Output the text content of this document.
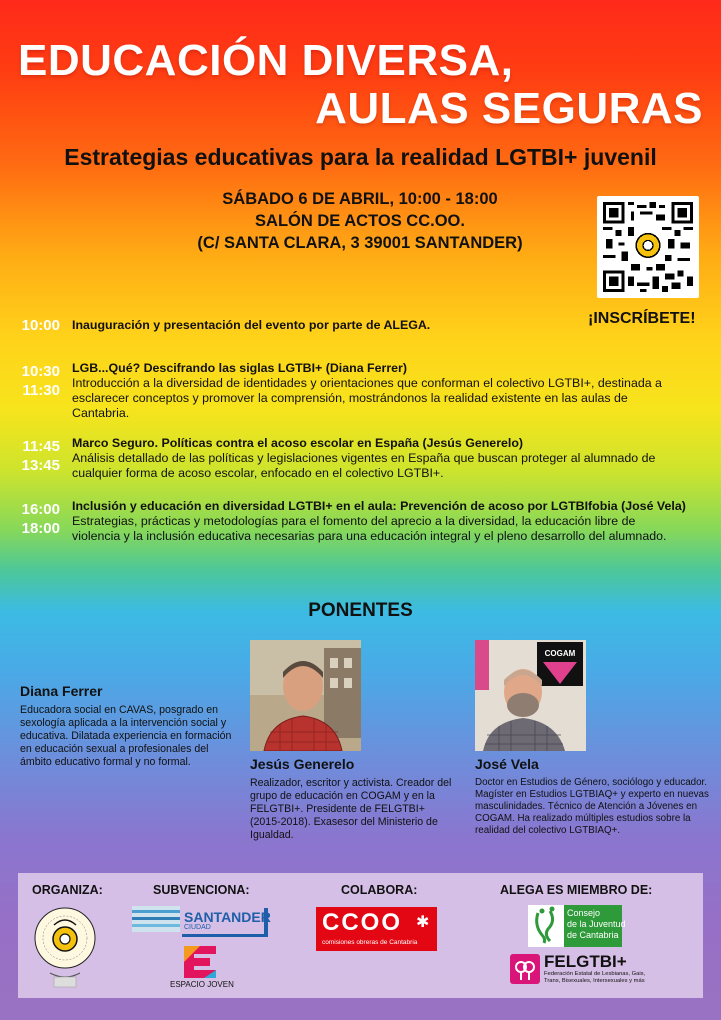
EDUCACIÓN DIVERSA,
AULAS SEGURAS
Estrategias educativas para la realidad LGTBI+ juvenil
SÁBADO 6 DE ABRIL, 10:00 - 18:00
SALÓN DE ACTOS CC.OO.
(C/ SANTA CLARA, 3 39001 SANTANDER)
¡INSCRÍBETE!
10:00 Inauguración y presentación del evento por parte de ALEGA.
10:30
11:30
LGB...Qué? Descifrando las siglas LGTBI+ (Diana Ferrer)
Introducción a la diversidad de identidades y orientaciones que conforman el colectivo LGTBI+, destinada a esclarecer conceptos y promover la comprensión, mostrándonos la realidad existente en las aulas de Cantabria.
11:45
13:45
Marco Seguro. Políticas contra el acoso escolar en España (Jesús Generelo)
Análisis detallado de las políticas y legislaciones vigentes en España que buscan proteger al alumnado de cualquier forma de acoso escolar, enfocado en el colectivo LGTBI+.
16:00
18:00
Inclusión y educación en diversidad LGTBI+ en el aula: Prevención de acoso por LGTBIfobia (José Vela)
Estrategias, prácticas y metodologías para el fomento del aprecio a la diversidad, la educación libre de violencia y la inclusión educativa necesarias para una educación integral y el pleno desarrollo del alumnado.
PONENTES
Diana Ferrer
Educadora social en CAVAS, posgrado en sexología aplicada a la intervención social y educativa. Dilatada experiencia en formación en educación sexual a profesionales del ámbito educativo formal y no formal.	Jesús Generelo
Realizador, escritor y activista. Creador del grupo de educación en COGAM y en la FELGTBI+. Presidente de FELGTBI+ (2015-2018). Exasesor del Ministerio de Igualdad.
COGAM
José Vela
Doctor en Estudios de Género, sociólogo y educador. Magíster en Estudios LGTBIAQ+ y experto en nuevas masculinidades. Técnico de Atención a Jóvenes en COGAM. Ha realizado múltiples estudios sobre la realidad del colectivo LGTBIAQ+.
ORGANIZA:	SUBVENCIONA:	COLABORA:	ALEGA ES MIEMBRO DE:
SANTANDER
CIUDAD
ESPACIO JOVEN
CCOO ✱
comisiones obreras de Cantabria
Consejo
de la Juventud
de Cantabria
FELGTBI+
Federación Estatal de Lesbianas, Gais,
Trans, Bisexuales, Intersexuales y más
